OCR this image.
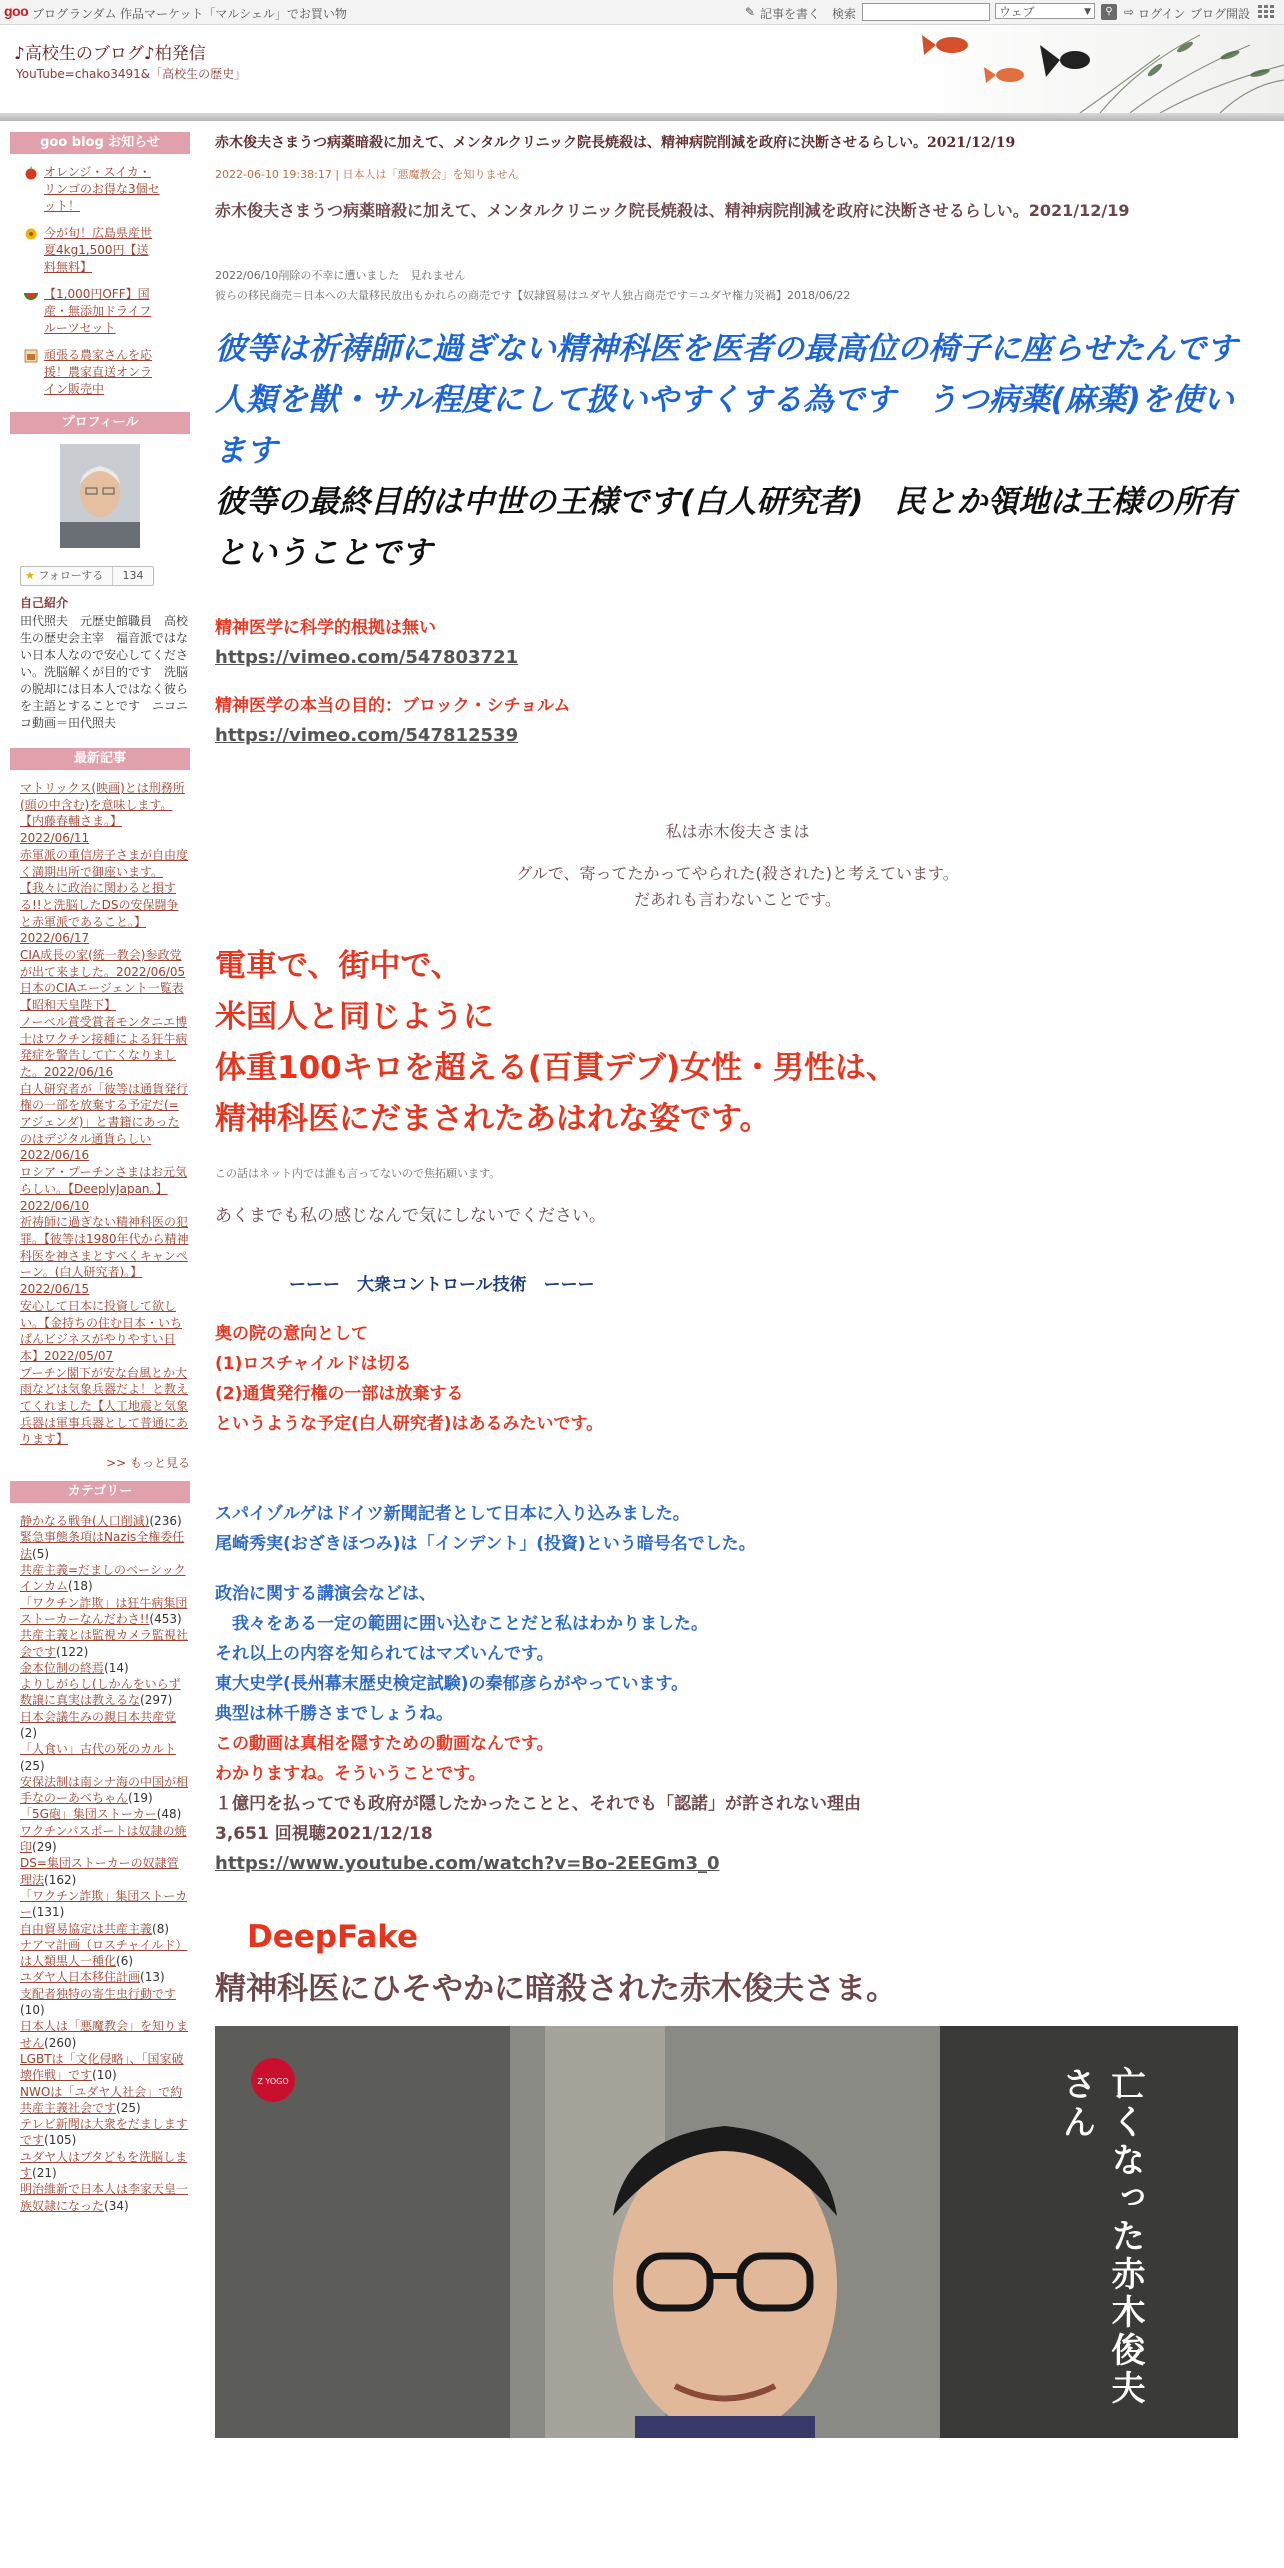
goo ブログ ランダム 作品マーケット「マルシェル」でお買い物	✎ 記事を書く 検索	ウェブ	▼	⚲ ⇨ ログイン ブログ開設
♪高校生のブログ♪柏発信
YouTube=chako3491&「高校生の歴史」
goo blog お知らせ
オレンジ・スイカ・リンゴのお得な3個セット！
今が旬！広島県産世夏4kg1,500円【送料無料】
【1,000円OFF】国産・無添加ドライフルーツセット
頑張る農家さんを応援！農家直送オンライン販売中
プロフィール
★ フォローする	134
自己紹介
田代照夫　元歴史館職員　高校生の歴史会主宰　福音派ではない日本人なので安心してください。洗脳解くが目的です　洗脳の脱却には日本人ではなく彼らを主語とすることです　ニコニコ動画＝田代照夫
最新記事
マトリックス(映画)とは刑務所(頭の中含む)を意味します。【内藤春輔さま。】2022/06/11
赤軍派の重信房子さまが自由度く満期出所で御座います。【我々に政治に関わると損する!!と洗脳したDSの安保闘争と赤軍派であること。】2022/06/17
CIA成長の家(統一教会)参政党が出て来ました。2022/06/05
日本のCIAエージェント一覧表【昭和天皇陛下】
ノーベル賞受賞者モンタニエ博士はワクチン接種による狂牛病発症を警告して亡くなりました。2022/06/16
白人研究者が「彼等は通貨発行権の一部を放棄する予定だ(=アジェンダ)」と書籍にあったのはデジタル通貨らしい2022/06/16
ロシア・プーチンさまはお元気らしい。【DeeplyJapan。】2022/06/10
祈祷師に過ぎない精神科医の犯罪。【彼等は1980年代から精神科医を神さまとすべくキャンペーン。(白人研究者)。】2022/06/15
安心して日本に投資して欲しい。【金持ちの住む日本・いちばんビジネスがやりやすい日本】2022/05/07
プーチン閣下が安な台風とか大雨などは気象兵器だよ！と教えてくれました【人工地震と気象兵器は軍事兵器として普通にあります】
>> もっと見る
カテゴリー
静かなる戦争(人口削減)(236)
緊急事態条項はNazis全権委任法(5)
共産主義=だましのベーシックインカム(18)
「ワクチン詐欺」は狂牛病集団ストーカーなんだわさ!!(453)
共産主義とは監視カメラ監視社会です(122)
金本位制の終焉(14)
よりしがらし(しかんをいらず数譲に真実は教えるな(297)
日本会議生みの親日本共産党(2)
「人食い」古代の死のカルト(25)
安保法制は南シナ海の中国が相手なのーあべちゃん(19)
「5G砲」集団ストーカー(48)
ワクチンパスポートは奴隷の焼印(29)
DS=集団ストーカーの奴隷管理法(162)
「ワクチン詐欺」集団ストーカー(131)
自由貿易協定は共産主義(8)
ナアマ計画（ロスチャイルド）は人類黒人一種化(6)
ユダヤ人日本移住計画(13)
支配者独特の寄生虫行動です(10)
日本人は「悪魔教会」を知りません(260)
LGBTは「文化侵略」、「国家破壊作戦」です(10)
NWOは「ユダヤ人社会」で約共産主義社会です(25)
テレビ新聞は大衆をだましますです(105)
ユダヤ人はブタどもを洗脳します(21)
明治維新で日本人は李家天皇一族奴隷になった(34)
赤木俊夫さまうつ病薬暗殺に加えて、メンタルクリニック院長焼殺は、精神病院削減を政府に決断させるらしい。2021/12/19
2022-06-10 19:38:17 | 日本人は「悪魔教会」を知りません
赤木俊夫さまうつ病薬暗殺に加えて、メンタルクリニック院長焼殺は、精神病院削減を政府に決断させるらしい。2021/12/19
2022/06/10削除の不幸に遭いました　見れません
彼らの移民商売＝日本への大量移民放出もかれらの商売です【奴隷貿易はユダヤ人独占商売です＝ユダヤ権力災禍】2018/06/22
彼等は祈祷師に過ぎない精神科医を医者の最高位の椅子に座らせたんです
人類を獣・サル程度にして扱いやすくする為です　うつ病薬(麻薬)を使います
彼等の最終目的は中世の王様です(白人研究者)　民とか領地は王様の所有ということです
精神医学に科学的根拠は無い
https://vimeo.com/547803721
精神医学の本当の目的：ブロック・シチョルム
https://vimeo.com/547812539
私は赤木俊夫さまは
グルで、寄ってたかってやられた(殺された)と考えています。
だあれも言わないことです。
電車で、街中で、
米国人と同じように
体重100キロを超える(百貫デブ)女性・男性は、
精神科医にだまされたあはれな姿です。
この話はネット内では誰も言ってないので焦拓願います。
あくまでも私の感じなんで気にしないでください。
ーーー　大衆コントロール技術　ーーー
奥の院の意向として
(1)ロスチャイルドは切る
(2)通貨発行権の一部は放棄する
というような予定(白人研究者)はあるみたいです。
スパイゾルゲはドイツ新聞記者として日本に入り込みました。
尾崎秀実(おざきほつみ)は「インデント」(投資)という暗号名でした。
政治に関する講演会などは、
　我々をある一定の範囲に囲い込むことだと私はわかりました。
それ以上の内容を知られてはマズいんです。
東大史学(長州幕末歴史検定試験)の秦郁彦らがやっています。
典型は林千勝さまでしょうね。
この動画は真相を隠すための動画なんです。
わかりますね。そういうことです。
１億円を払ってでも政府が隠したかったことと、それでも「認諾」が許されない理由
3,651 回視聴2021/12/18
https://www.youtube.com/watch?v=Bo-2EEGm3_0
DeepFake
精神科医にひそやかに暗殺された赤木俊夫さま。
Z YOGO	亡くなった赤木俊夫さん
